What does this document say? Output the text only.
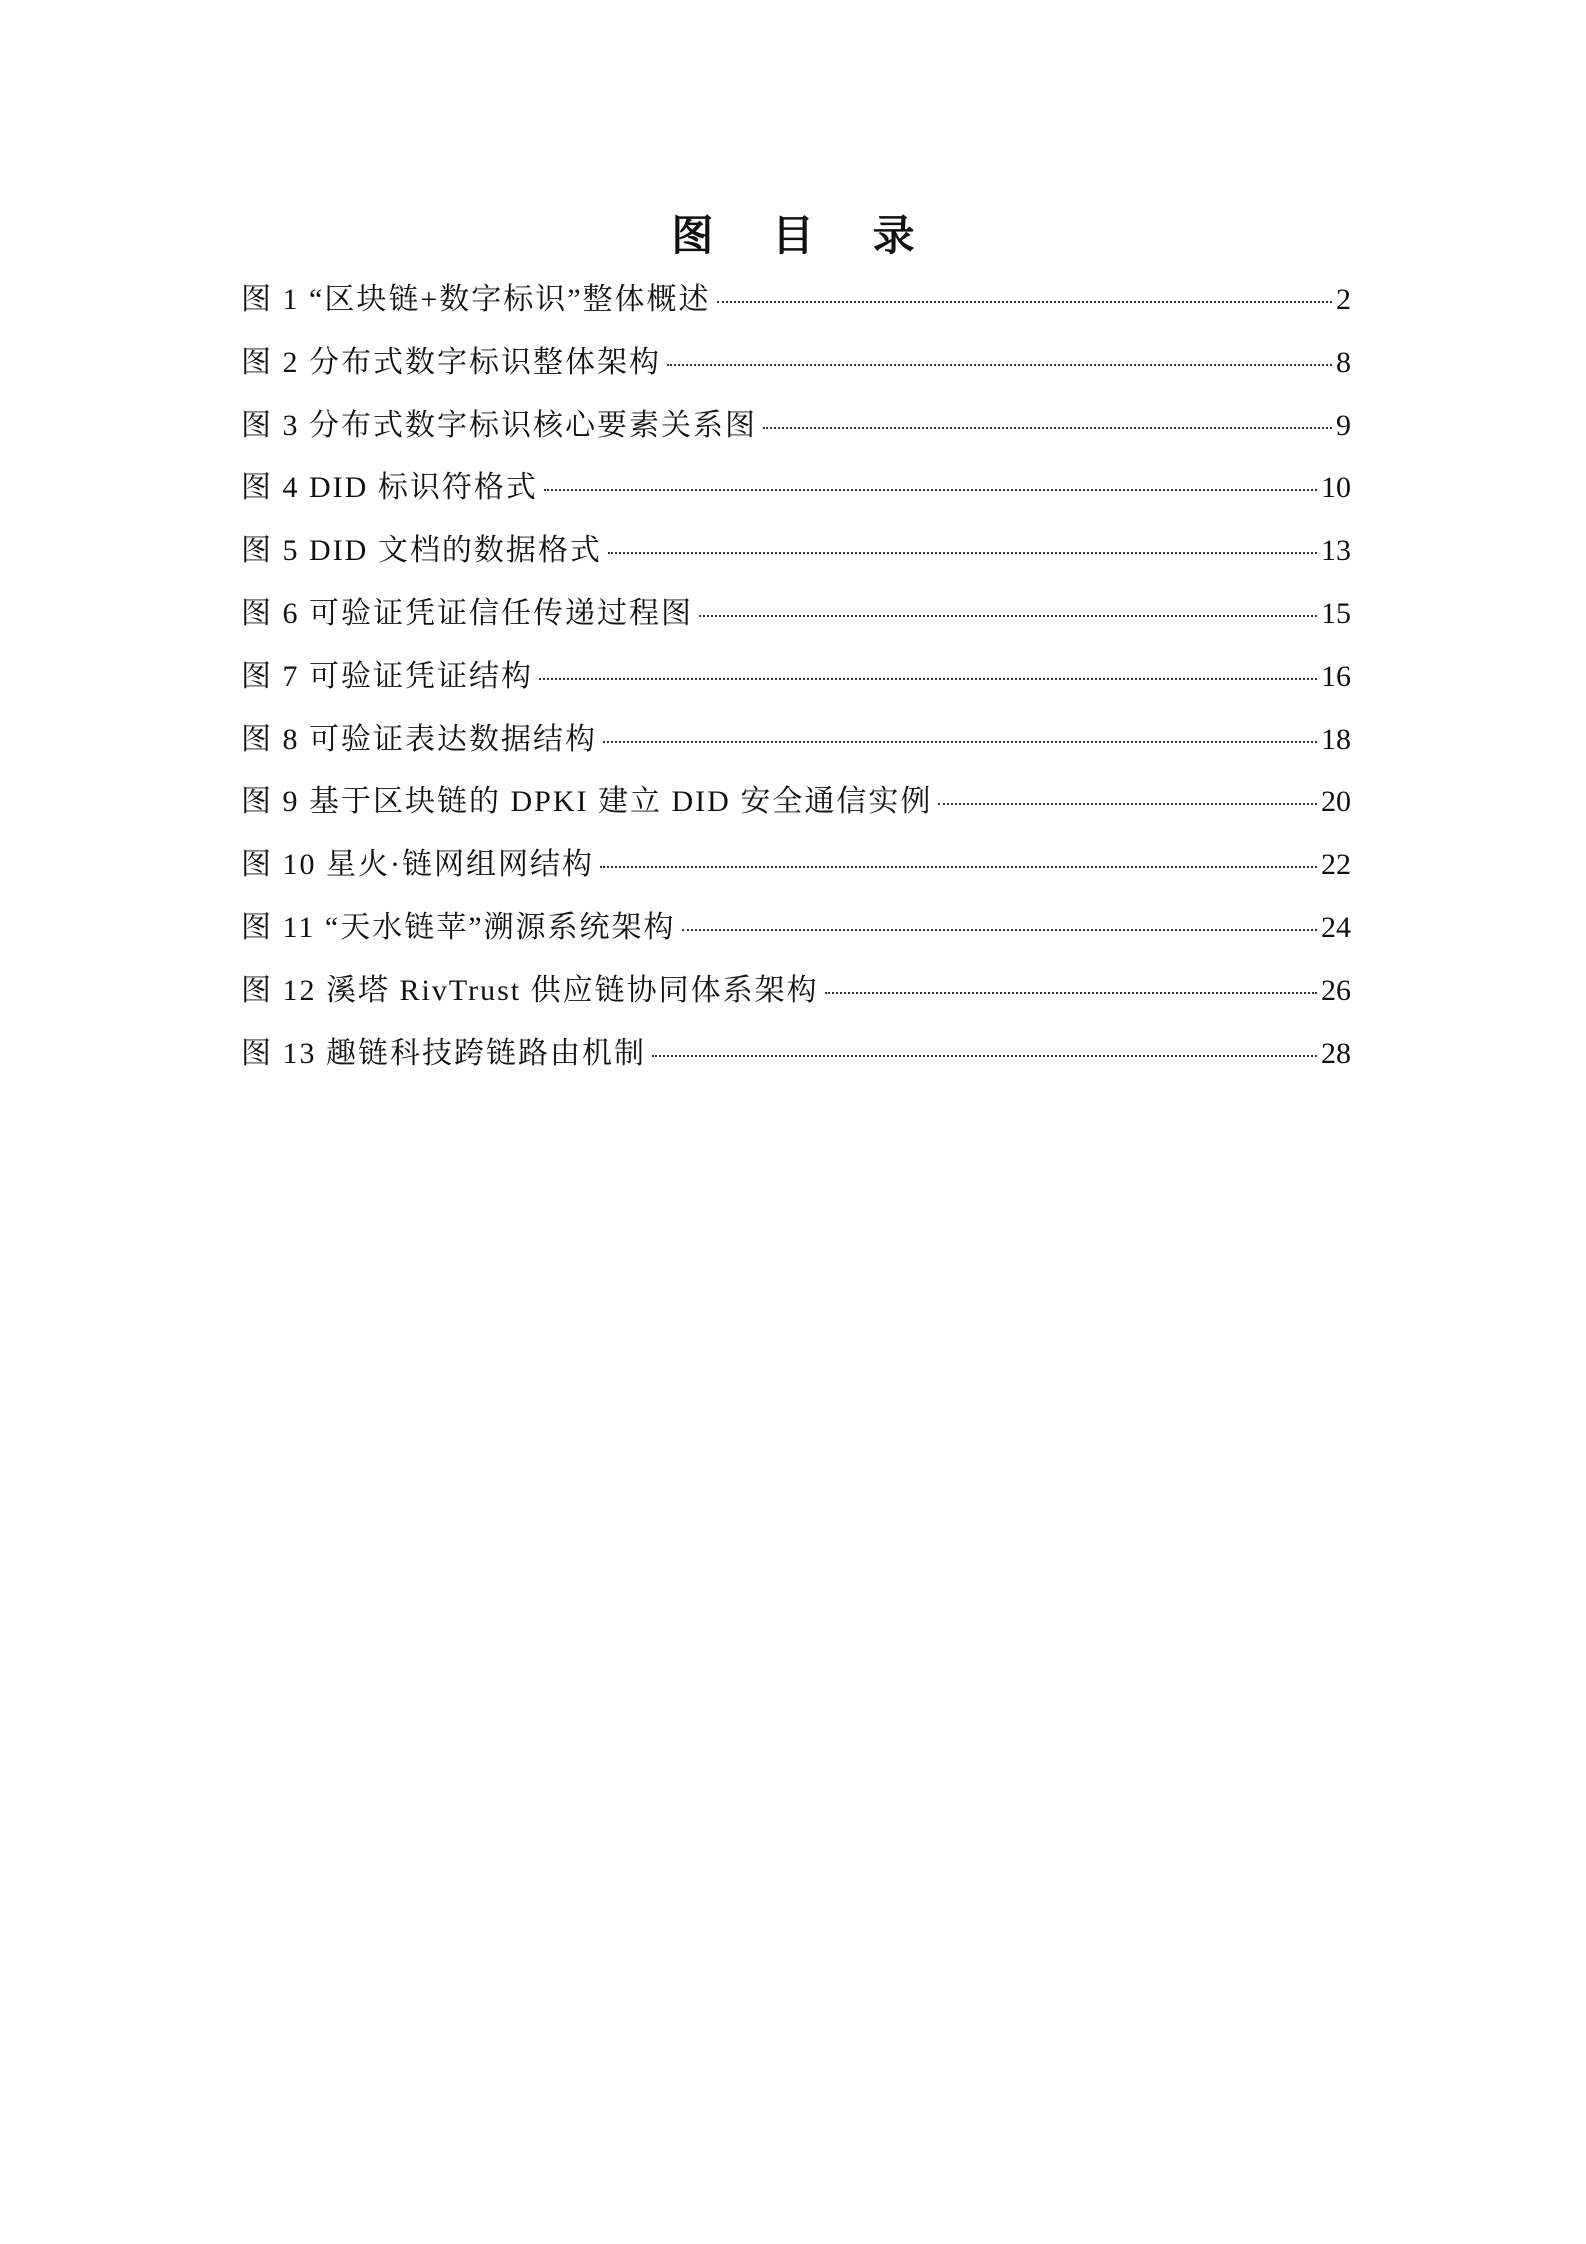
图 目 录
图 1 “区块链+数字标识”整体概述	2
图 2 分布式数字标识整体架构	8
图 3 分布式数字标识核心要素关系图	9
图 4 DID 标识符格式	10
图 5 DID 文档的数据格式	13
图 6 可验证凭证信任传递过程图	15
图 7 可验证凭证结构	16
图 8 可验证表达数据结构	18
图 9 基于区块链的 DPKI 建立 DID 安全通信实例	20
图 10 星火·链网组网结构	22
图 11 “天水链苹”溯源系统架构	24
图 12 溪塔 RivTrust 供应链协同体系架构	26
图 13 趣链科技跨链路由机制	28
